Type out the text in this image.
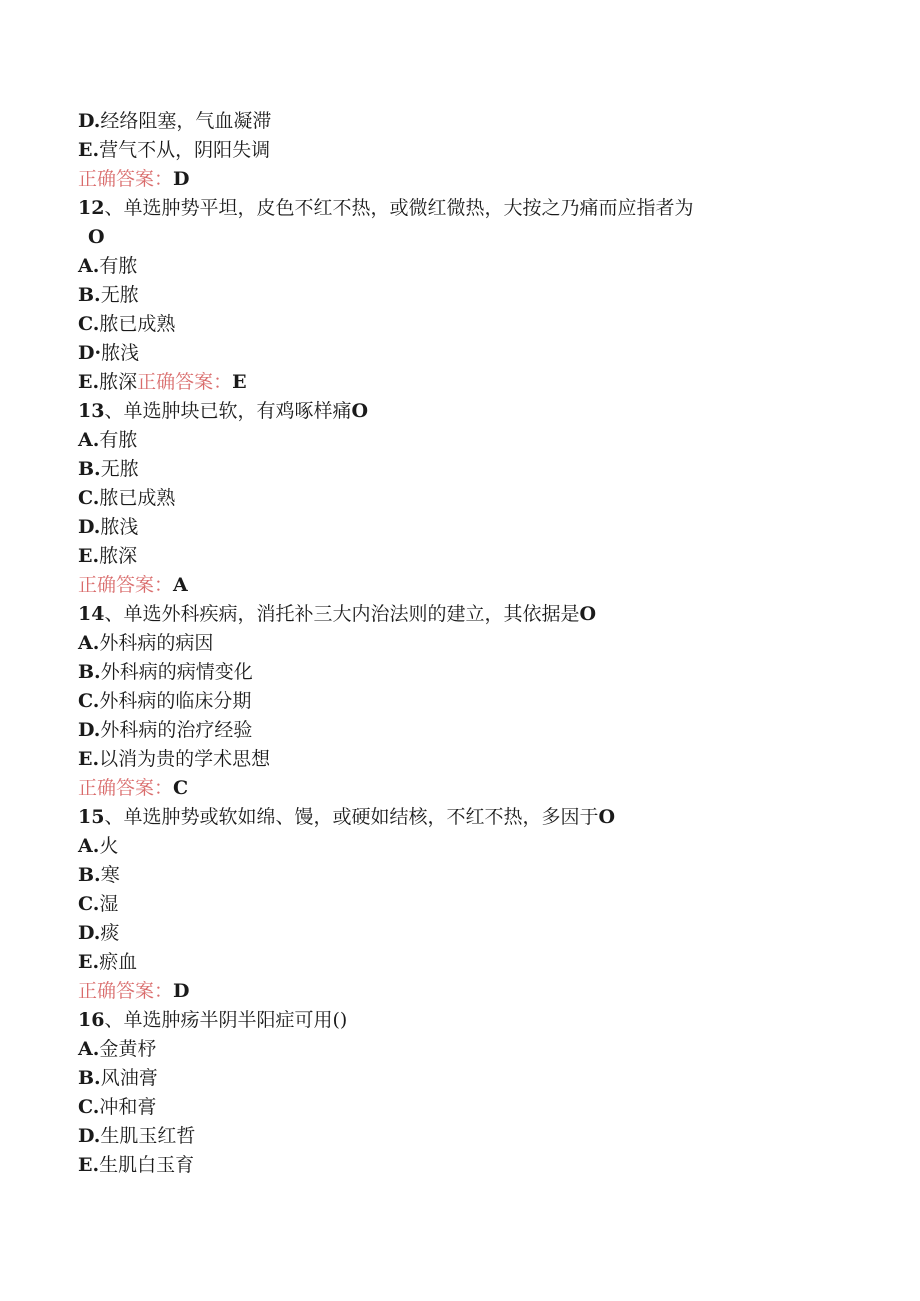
D.经络阻塞，气血凝滞
E.营气不从，阴阳失调
正确答案：D
12、单选肿势平坦，皮色不红不热，或微红微热，大按之乃痛而应指者为
O
A.有脓
B.无脓
C.脓已成熟
D·脓浅
E.脓深正确答案：E
13、单选肿块已软，有鸡啄样痛O
A.有脓
B.无脓
C.脓已成熟
D.脓浅
E.脓深
正确答案：A
14、单选外科疾病，消托补三大内治法则的建立，其依据是O
A.外科病的病因
B.外科病的病情变化
C.外科病的临床分期
D.外科病的治疗经验
E.以消为贵的学术思想
正确答案：C
15、单选肿势或软如绵、馒，或硬如结核，不红不热，多因于O
A.火
B.寒
C.湿
D.痰
E.瘀血
正确答案：D
16、单选肿疡半阴半阳症可用()
A.金黄杼
B.风油膏
C.冲和膏
D.生肌玉红哲
E.生肌白玉育
